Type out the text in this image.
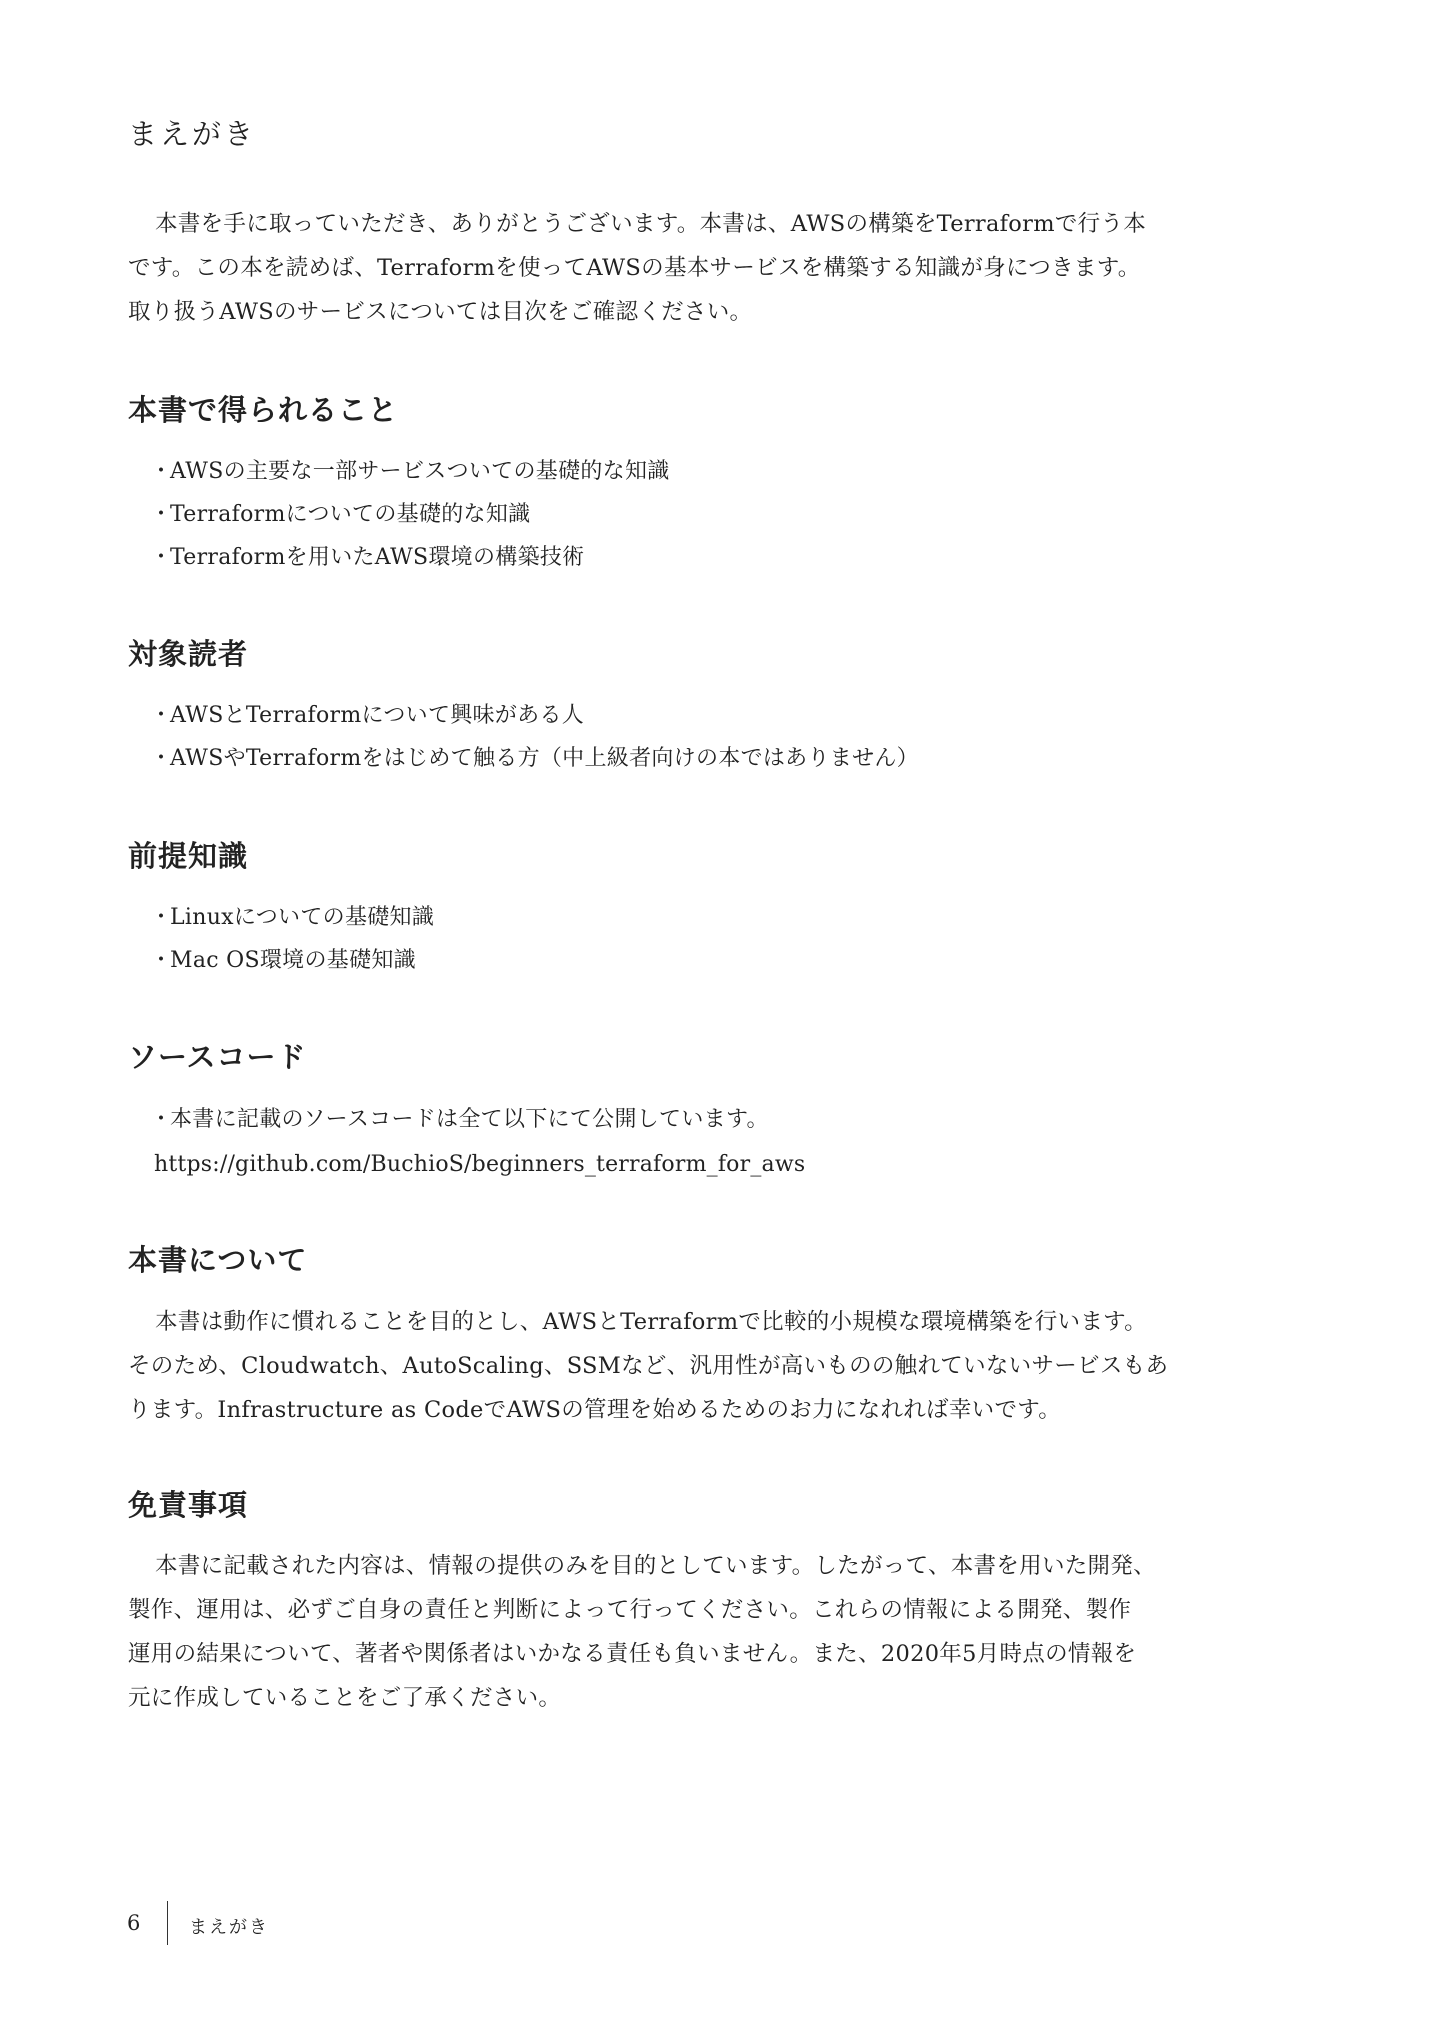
まえがき

本書を手に取っていただき、ありがとうございます。本書は、AWSの構築をTerraformで行う本
です。この本を読めば、Terraformを使ってAWSの基本サービスを構築する知識が身につきます。
取り扱うAWSのサービスについては目次をご確認ください。

本書で得られること
・AWSの主要な一部サービスついての基礎的な知識
・Terraformについての基礎的な知識
・Terraformを用いたAWS環境の構築技術
対象読者
・AWSとTerraformについて興味がある人
・AWSやTerraformをはじめて触る方（中上級者向けの本ではありません）
前提知識
・Linuxについての基礎知識
・Mac OS環境の基礎知識
ソースコード
・本書に記載のソースコードは全て以下にて公開しています。

https://github.com/BuchioS/beginners_terraform_for_aws

本書について

本書は動作に慣れることを目的とし、AWSとTerraformで比較的小規模な環境構築を行います。
そのため、Cloudwatch、AutoScaling、SSMなど、汎用性が高いものの触れていないサービスもあ
ります。Infrastructure as CodeでAWSの管理を始めるためのお力になれれば幸いです。

免責事項

本書に記載された内容は、情報の提供のみを目的としています。したがって、本書を用いた開発、
製作、運用は、必ずご自身の責任と判断によって行ってください。これらの情報による開発、製作
運用の結果について、著者や関係者はいかなる責任も負いません。また、2020年5月時点の情報を
元に作成していることをご了承ください。

6	まえがき
